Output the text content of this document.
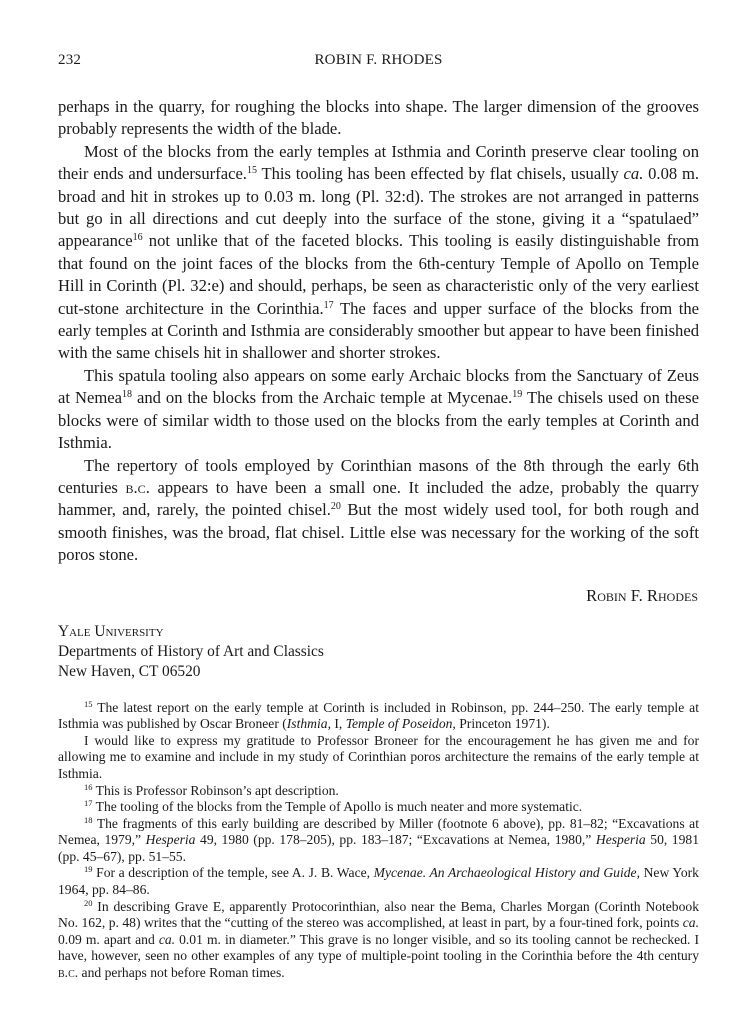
232	ROBIN F. RHODES

perhaps in the quarry, for roughing the blocks into shape. The larger dimension of the grooves probably represents the width of the blade.

Most of the blocks from the early temples at Isthmia and Corinth preserve clear tooling on their ends and undersurface.$^{15}$ This tooling has been effected by flat chisels, usually ca. 0.08 m. broad and hit in strokes up to 0.03 m. long (Pl. 32:d). The strokes are not arranged in patterns but go in all directions and cut deeply into the surface of the stone, giving it a “spatulaed” appearance$^{16}$ not unlike that of the faceted blocks. This tooling is easily distinguishable from that found on the joint faces of the blocks from the 6th-century Temple of Apollo on Temple Hill in Corinth (Pl. 32:e) and should, perhaps, be seen as characteristic only of the very earliest cut-stone architecture in the Corinthia.$^{17}$ The faces and upper surface of the blocks from the early temples at Corinth and Isthmia are considerably smoother but appear to have been finished with the same chisels hit in shallower and shorter strokes.

This spatula tooling also appears on some early Archaic blocks from the Sanctuary of Zeus at Nemea$^{18}$ and on the blocks from the Archaic temple at Mycenae.$^{19}$ The chisels used on these blocks were of similar width to those used on the blocks from the early temples at Corinth and Isthmia.

The repertory of tools employed by Corinthian masons of the 8th through the early 6th centuries b.c. appears to have been a small one. It included the adze, probably the quarry hammer, and, rarely, the pointed chisel.$^{20}$ But the most widely used tool, for both rough and smooth finishes, was the broad, flat chisel. Little else was necessary for the working of the soft poros stone.

Robin F. Rhodes
Yale University
Departments of History of Art and Classics
New Haven, CT 06520

$^{15}$ The latest report on the early temple at Corinth is included in Robinson, pp. 244–250. The early temple at Isthmia was published by Oscar Broneer (Isthmia, I, Temple of Poseidon, Princeton 1971).

I would like to express my gratitude to Professor Broneer for the encouragement he has given me and for allowing me to examine and include in my study of Corinthian poros architecture the remains of the early temple at Isthmia.

$^{16}$ This is Professor Robinson’s apt description.

$^{17}$ The tooling of the blocks from the Temple of Apollo is much neater and more systematic.

$^{18}$ The fragments of this early building are described by Miller (footnote 6 above), pp. 81–82; “Excavations at Nemea, 1979,” Hesperia 49, 1980 (pp. 178–205), pp. 183–187; “Excavations at Nemea, 1980,” Hesperia 50, 1981 (pp. 45–67), pp. 51–55.

$^{19}$ For a description of the temple, see A. J. B. Wace, Mycenae. An Archaeological History and Guide, New York 1964, pp. 84–86.

$^{20}$ In describing Grave E, apparently Protocorinthian, also near the Bema, Charles Morgan (Corinth Notebook No. 162, p. 48) writes that the “cutting of the stereo was accomplished, at least in part, by a four-tined fork, points ca. 0.09 m. apart and ca. 0.01 m. in diameter.” This grave is no longer visible, and so its tooling cannot be rechecked. I have, however, seen no other examples of any type of multiple-point tooling in the Corinthia before the 4th century b.c. and perhaps not before Roman times.
